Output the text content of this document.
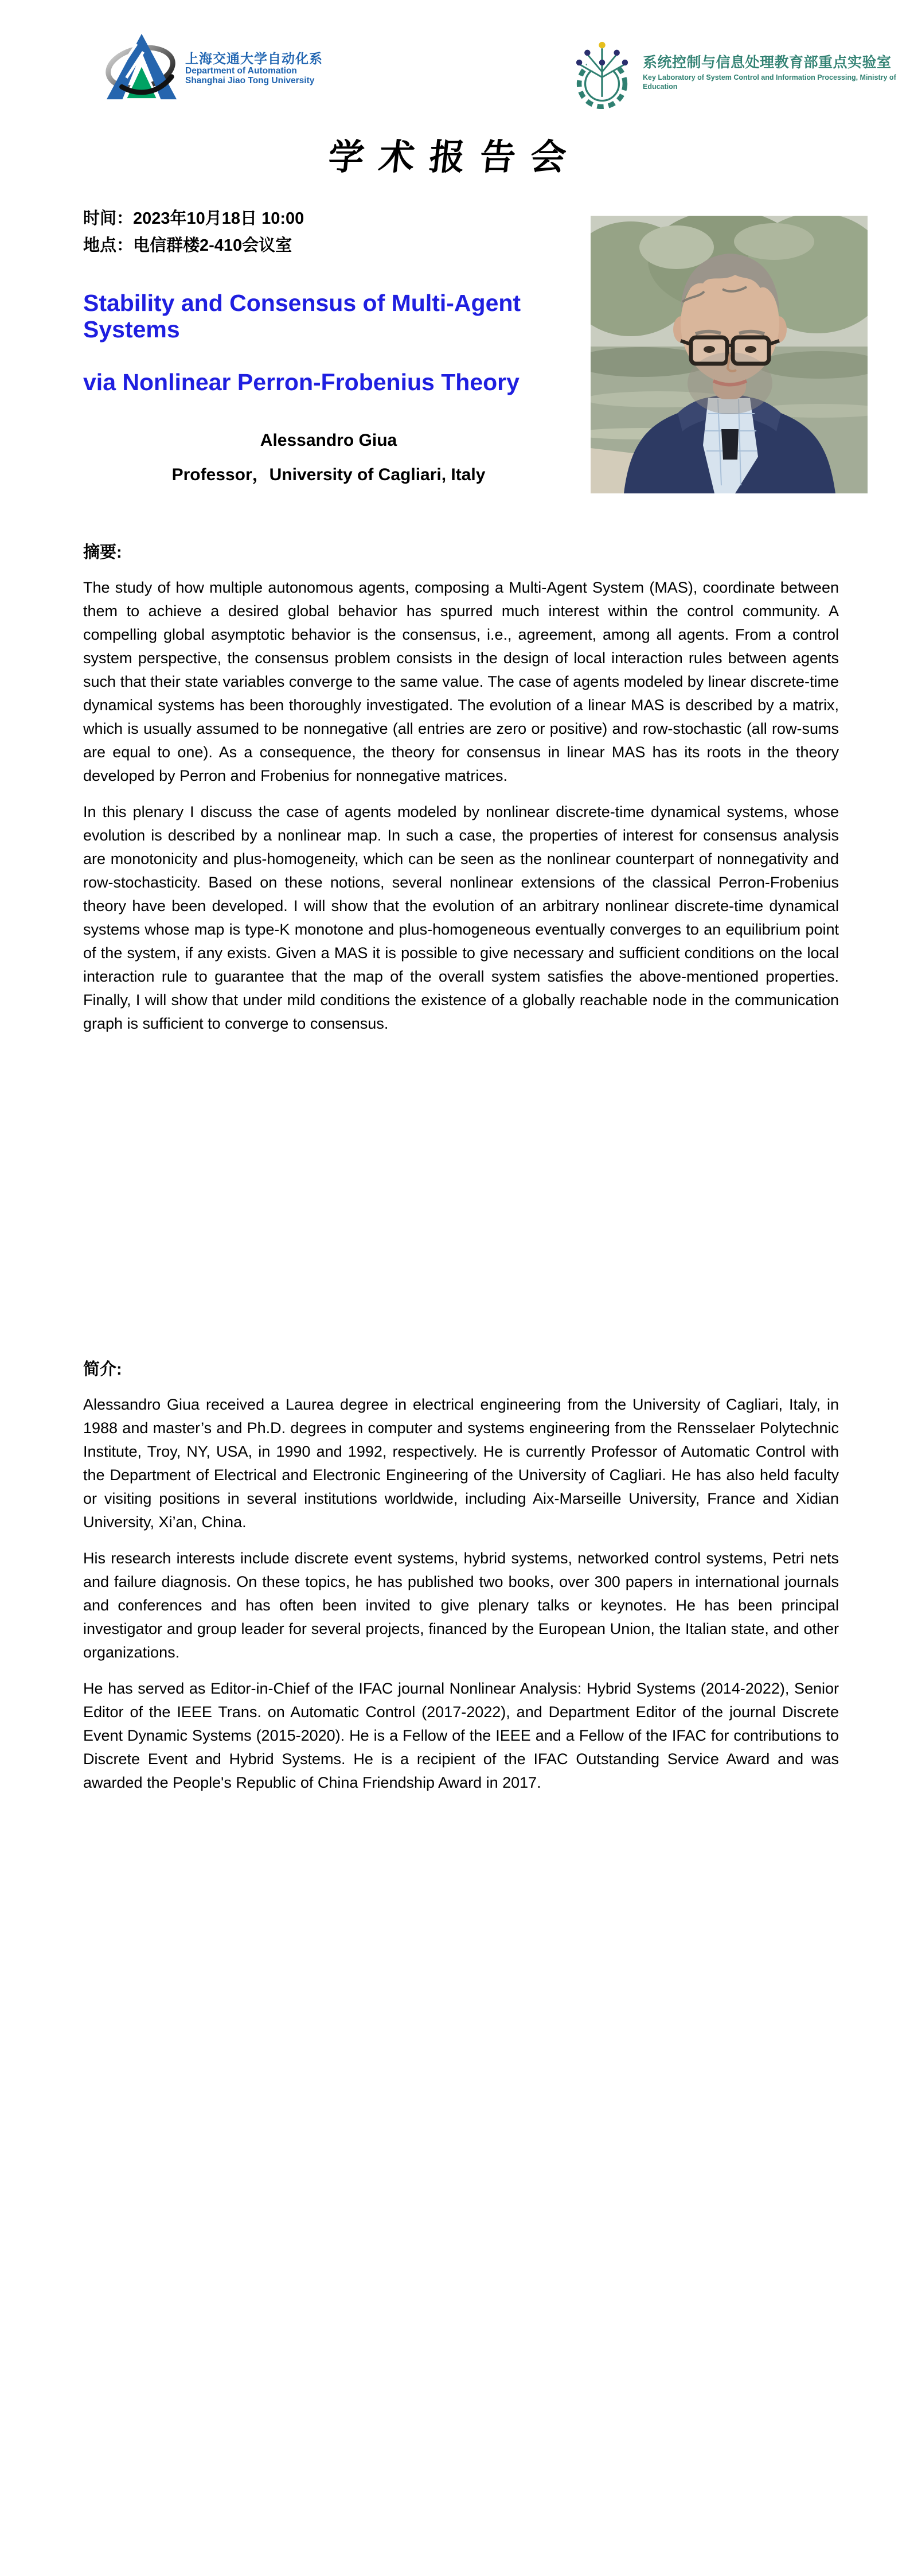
上海交通大学自动化系
Department of Automation
Shanghai Jiao Tong University
系统控制与信息处理教育部重点实验室
Key Laboratory of System Control and Information Processing, Ministry of Education
学术报告会
时间：2023年10月18日 10:00
地点：电信群楼2-410会议室
Stability and Consensus of Multi-Agent Systems
via Nonlinear Perron-Frobenius Theory
Alessandro Giua
Professor，University of Cagliari, Italy
摘要:

The study of how multiple autonomous agents, composing a Multi-Agent System (MAS), coordinate between them to achieve a desired global behavior has spurred much interest within the control community. A compelling global asymptotic behavior is the consensus, i.e., agreement, among all agents. From a control system perspective, the consensus problem consists in the design of local interaction rules between agents such that their state variables converge to the same value. The case of agents modeled by linear discrete-time dynamical systems has been thoroughly investigated. The evolution of a linear MAS is described by a matrix, which is usually assumed to be nonnegative (all entries are zero or positive) and row-stochastic (all row-sums are equal to one). As a consequence, the theory for consensus in linear MAS has its roots in the theory developed by Perron and Frobenius for nonnegative matrices.

In this plenary I discuss the case of agents modeled by nonlinear discrete-time dynamical systems, whose evolution is described by a nonlinear map. In such a case, the properties of interest for consensus analysis are monotonicity and plus-homogeneity, which can be seen as the nonlinear counterpart of nonnegativity and row-stochasticity. Based on these notions, several nonlinear extensions of the classical Perron-Frobenius theory have been developed. I will show that the evolution of an arbitrary nonlinear discrete-time dynamical systems whose map is type-K monotone and plus-homogeneous eventually converges to an equilibrium point of the system, if any exists. Given a MAS it is possible to give necessary and sufficient conditions on the local interaction rule to guarantee that the map of the overall system satisfies the above-mentioned properties. Finally, I will show that under mild conditions the existence of a globally reachable node in the communication graph is sufficient to converge to consensus.

简介:

Alessandro Giua received a Laurea degree in electrical engineering from the University of Cagliari, Italy, in 1988 and master’s and Ph.D. degrees in computer and systems engineering from the Rensselaer Polytechnic Institute, Troy, NY, USA, in 1990 and 1992, respectively. He is currently Professor of Automatic Control with the Department of Electrical and Electronic Engineering of the University of Cagliari. He has also held faculty or visiting positions in several institutions worldwide, including Aix-Marseille University, France and Xidian University, Xi’an, China.

His research interests include discrete event systems, hybrid systems, networked control systems, Petri nets and failure diagnosis. On these topics, he has published two books, over 300 papers in international journals and conferences and has often been invited to give plenary talks or keynotes. He has been principal investigator and group leader for several projects, financed by the European Union, the Italian state, and other organizations.

He has served as Editor-in-Chief of the IFAC journal Nonlinear Analysis: Hybrid Systems (2014-2022), Senior Editor of the IEEE Trans. on Automatic Control (2017-2022), and Department Editor of the journal Discrete Event Dynamic Systems (2015-2020). He is a Fellow of the IEEE and a Fellow of the IFAC for contributions to Discrete Event and Hybrid Systems. He is a recipient of the IFAC Outstanding Service Award and was awarded the People's Republic of China Friendship Award in 2017.
